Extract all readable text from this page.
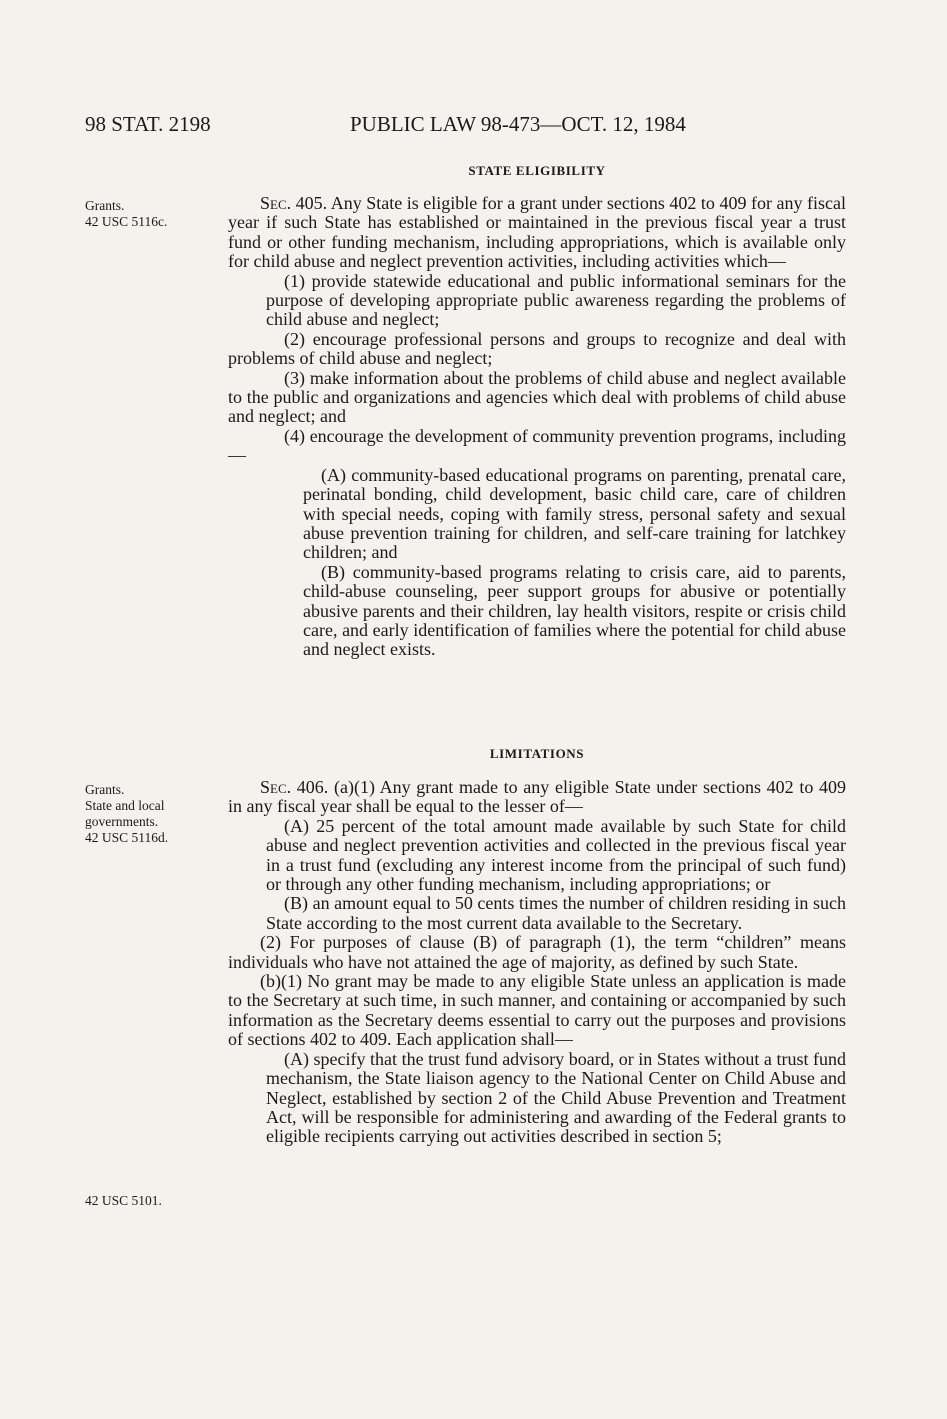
98 STAT. 2198	PUBLIC LAW 98-473—OCT. 12, 1984
STATE ELIGIBILITY
Grants.
42 USC 5116c.

Sec. 405. Any State is eligible for a grant under sections 402 to 409 for any fiscal year if such State has established or maintained in the previous fiscal year a trust fund or other funding mechanism, including appropriations, which is available only for child abuse and neglect prevention activities, including activities which—

(1) provide statewide educational and public informational seminars for the purpose of developing appropriate public awareness regarding the problems of child abuse and neglect;

(2) encourage professional persons and groups to recognize and deal with problems of child abuse and neglect;

(3) make information about the problems of child abuse and neglect available to the public and organizations and agencies which deal with problems of child abuse and neglect; and

(4) encourage the development of community prevention programs, including—

(A) community-based educational programs on parenting, prenatal care, perinatal bonding, child development, basic child care, care of children with special needs, coping with family stress, personal safety and sexual abuse prevention training for children, and self-care training for latchkey children; and

(B) community-based programs relating to crisis care, aid to parents, child-abuse counseling, peer support groups for abusive or potentially abusive parents and their children, lay health visitors, respite or crisis child care, and early identification of families where the potential for child abuse and neglect exists.

LIMITATIONS
Grants.
State and local
governments.
42 USC 5116d.

Sec. 406. (a)(1) Any grant made to any eligible State under sections 402 to 409 in any fiscal year shall be equal to the lesser of—

(A) 25 percent of the total amount made available by such State for child abuse and neglect prevention activities and collected in the previous fiscal year in a trust fund (excluding any interest income from the principal of such fund) or through any other funding mechanism, including appropriations; or

(B) an amount equal to 50 cents times the number of children residing in such State according to the most current data available to the Secretary.

(2) For purposes of clause (B) of paragraph (1), the term “children” means individuals who have not attained the age of majority, as defined by such State.

(b)(1) No grant may be made to any eligible State unless an application is made to the Secretary at such time, in such manner, and containing or accompanied by such information as the Secretary deems essential to carry out the purposes and provisions of sections 402 to 409. Each application shall—

(A) specify that the trust fund advisory board, or in States without a trust fund mechanism, the State liaison agency to the National Center on Child Abuse and Neglect, established by section 2 of the Child Abuse Prevention and Treatment Act, will be responsible for administering and awarding of the Federal grants to eligible recipients carrying out activities described in section 5;

42 USC 5101.
